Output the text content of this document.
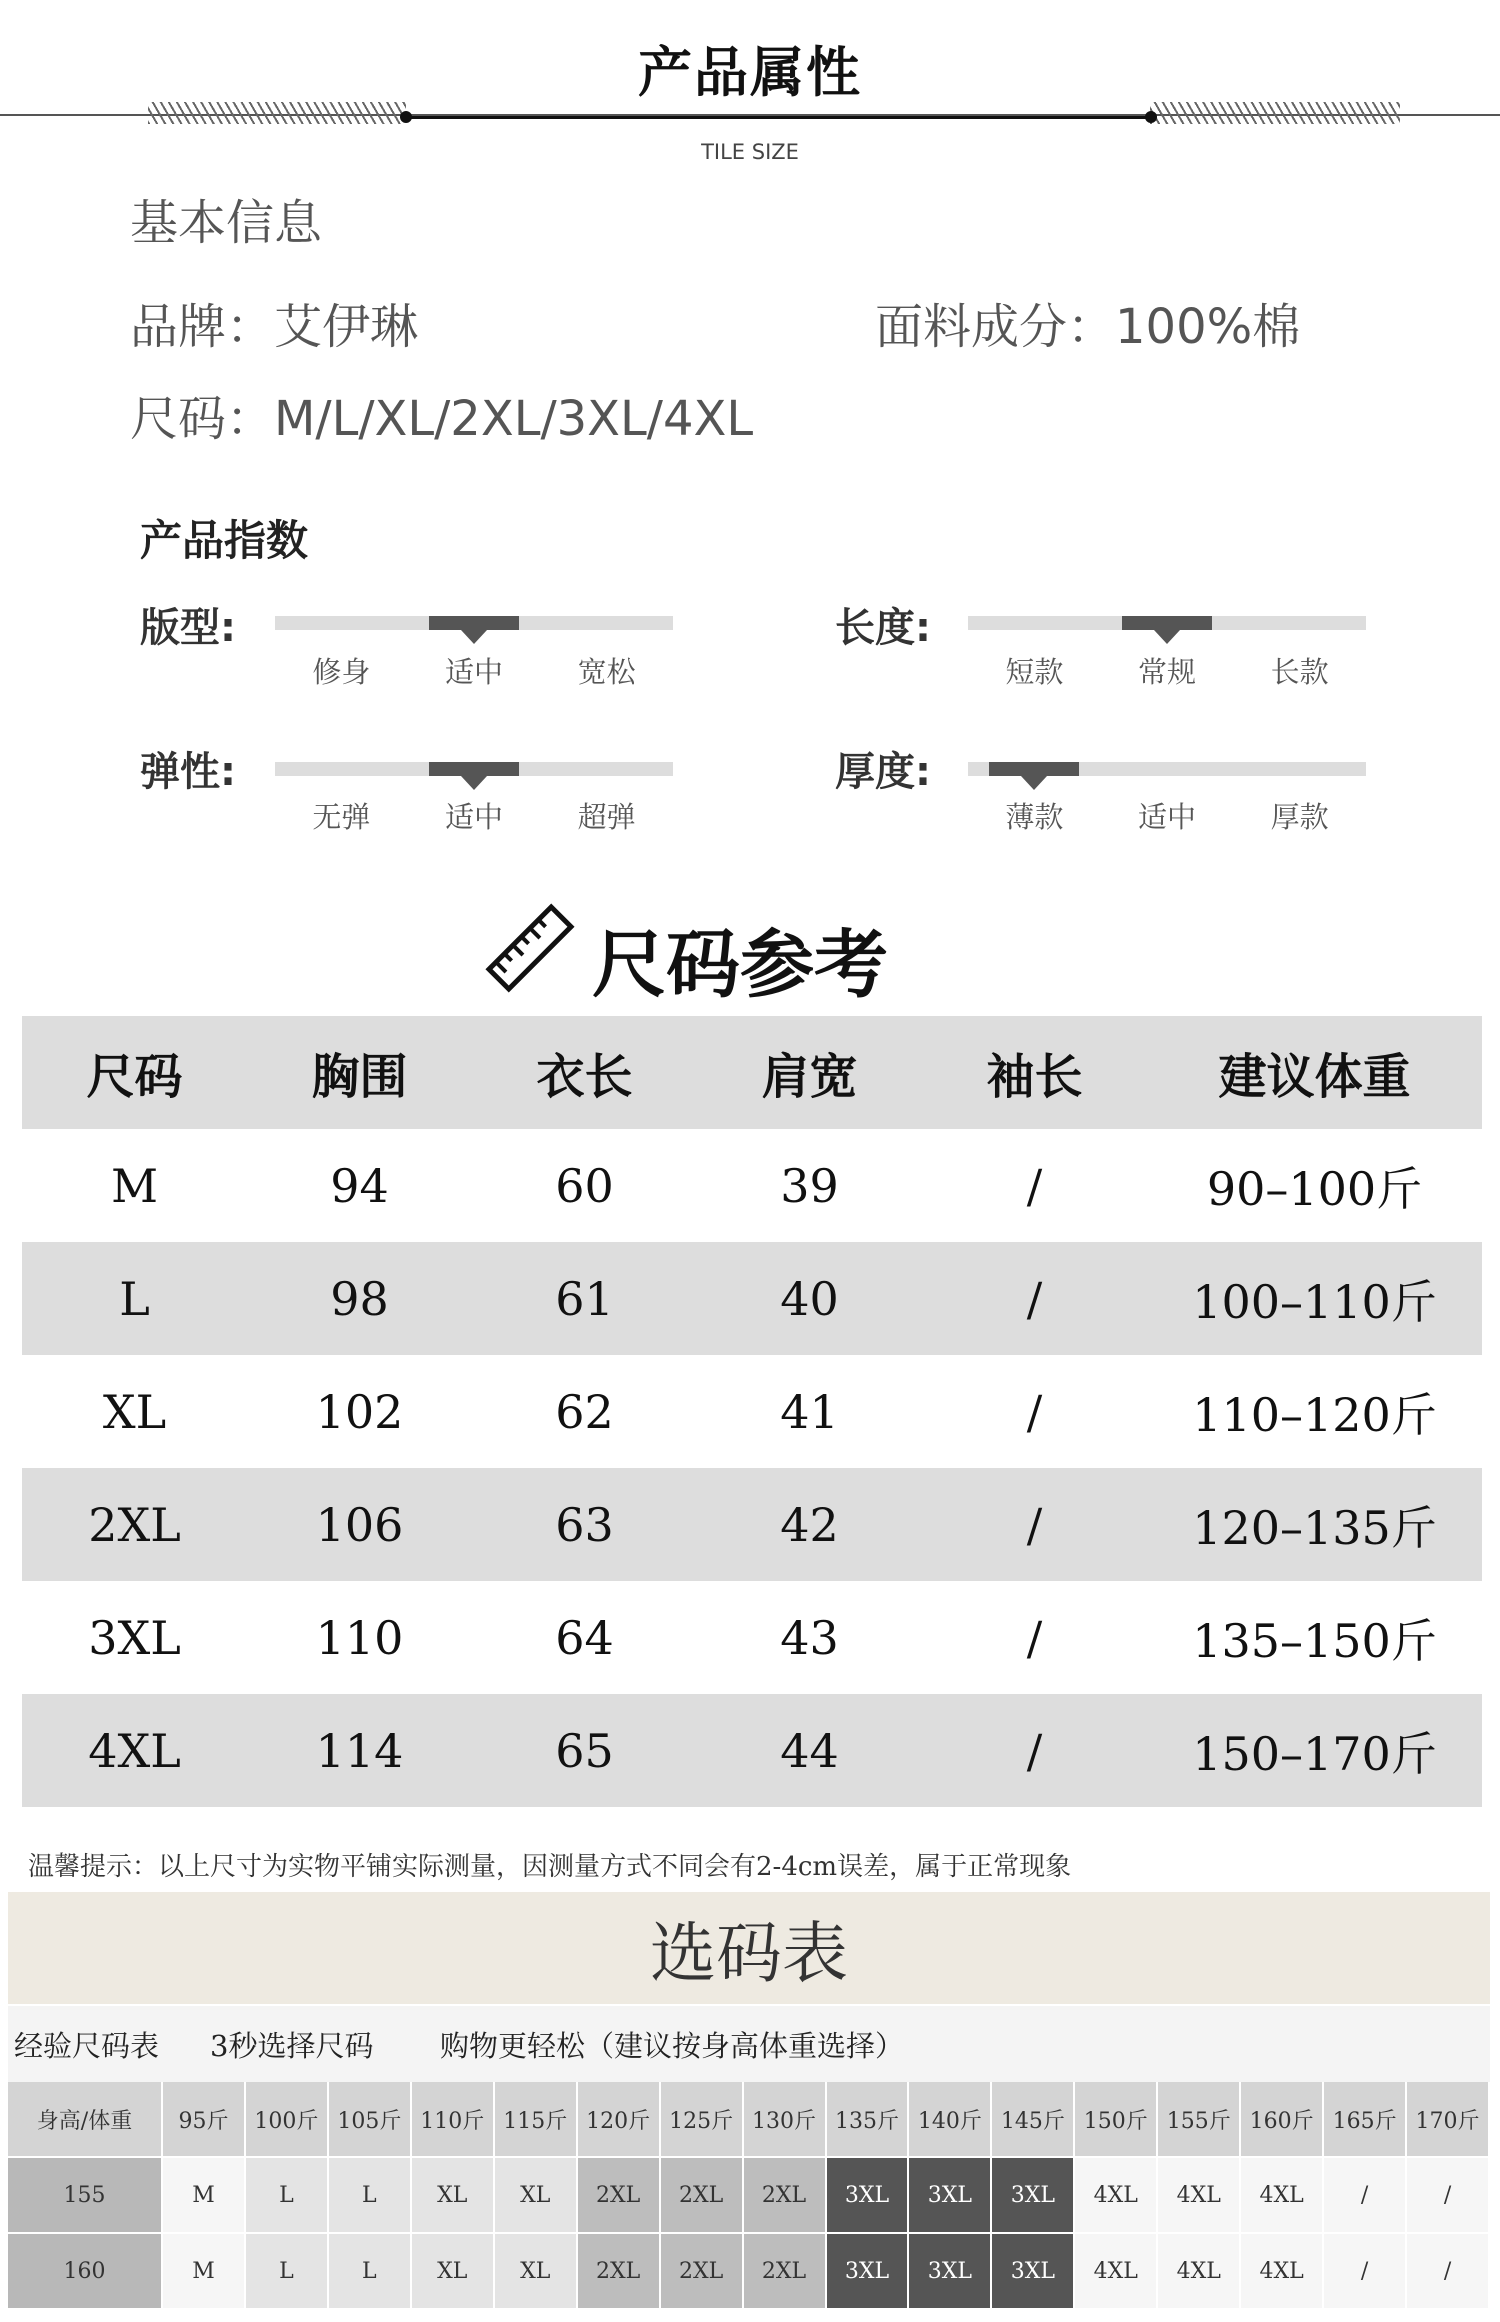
产品属性
TILE SIZE
基本信息
品牌：艾伊琳	面料成分：100%棉
尺码：M/L/XL/2XL/3XL/4XL
产品指数
版型:
修身	适中	宽松
长度:
短款	常规	长款
弹性:
无弹	适中	超弹
厚度:
薄款	适中	厚款
尺码参考
尺码	胸围	衣长	肩宽	袖长	建议体重
M	94	60	39	/	90–100斤
L	98	61	40	/	100–110斤
XL	102	62	41	/	110–120斤
2XL	106	63	42	/	120–135斤
3XL	110	64	43	/	135–150斤
4XL	114	65	44	/	150–170斤
温馨提示：以上尺寸为实物平铺实际测量，因测量方式不同会有2-4cm误差，属于正常现象
选码表
经验尺码表 3秒选择尺码 购物更轻松（建议按身高体重选择）
身高/体重	95斤	100斤 105斤 110斤 115斤 120斤 125斤 130斤 135斤 140斤 145斤 150斤 155斤 160斤 165斤 170斤
155	M	L	L	XL	XL	2XL	2XL	2XL	3XL	3XL	3XL	4XL	4XL	4XL	/	/
160	M	L	L	XL	XL	2XL	2XL	2XL	3XL	3XL	3XL	4XL	4XL	4XL	/	/
